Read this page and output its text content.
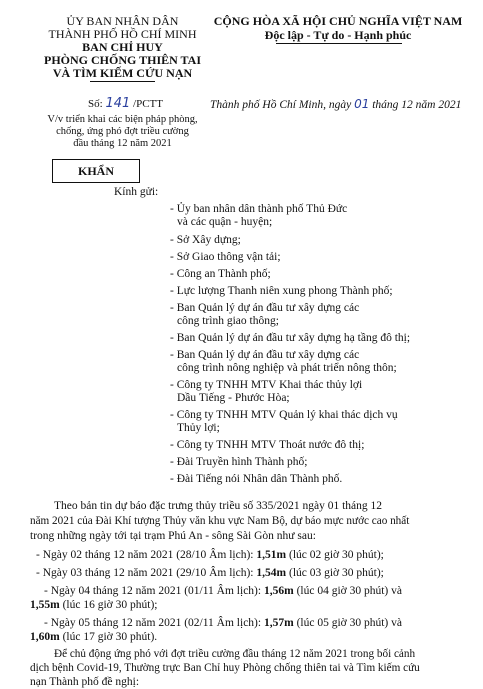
ỦY BAN NHÂN DÂN
THÀNH PHỐ HỒ CHÍ MINH
BAN CHỈ HUY
PHÒNG CHỐNG THIÊN TAI
VÀ TÌM KIẾM CỨU NẠN
Số: 141 /PCTT
V/v triển khai các biện pháp phòng,
chống, ứng phó đợt triều cường
đầu tháng 12 năm 2021
KHẨN
CỘNG HÒA XÃ HỘI CHỦ NGHĨA VIỆT NAM
Độc lập - Tự do - Hạnh phúc
Thành phố Hồ Chí Minh, ngày 01 tháng 12 năm 2021
Kính gửi:
- Ủy ban nhân dân thành phố Thủ Đức
và các quận - huyện;
- Sở Xây dựng;
- Sở Giao thông vận tải;
- Công an Thành phố;
- Lực lượng Thanh niên xung phong Thành phố;
- Ban Quản lý dự án đầu tư xây dựng các
công trình giao thông;
- Ban Quản lý dự án đầu tư xây dựng hạ tầng đô thị;
- Ban Quản lý dự án đầu tư xây dựng các
công trình nông nghiệp và phát triển nông thôn;
- Công ty TNHH MTV Khai thác thủy lợi
Dầu Tiếng - Phước Hòa;
- Công ty TNHH MTV Quản lý khai thác dịch vụ
Thủy lợi;
- Công ty TNHH MTV Thoát nước đô thị;
- Đài Truyền hình Thành phố;
- Đài Tiếng nói Nhân dân Thành phố.
Theo bản tin dự báo đặc trưng thủy triều số 335/2021 ngày 01 tháng 12
năm 2021 của Đài Khí tượng Thủy văn khu vực Nam Bộ, dự báo mực nước cao nhất
trong những ngày tới tại trạm Phú An - sông Sài Gòn như sau:
- Ngày 02 tháng 12 năm 2021 (28/10 Âm lịch): 1,51m (lúc 02 giờ 30 phút);
- Ngày 03 tháng 12 năm 2021 (29/10 Âm lịch): 1,54m (lúc 03 giờ 30 phút);
- Ngày 04 tháng 12 năm 2021 (01/11 Âm lịch): 1,56m (lúc 04 giờ 30 phút) và
1,55m (lúc 16 giờ 30 phút);
- Ngày 05 tháng 12 năm 2021 (02/11 Âm lịch): 1,57m (lúc 05 giờ 30 phút) và
1,60m (lúc 17 giờ 30 phút).
Để chủ động ứng phó với đợt triều cường đầu tháng 12 năm 2021 trong bối cảnh
dịch bệnh Covid-19, Thường trực Ban Chỉ huy Phòng chống thiên tai và Tìm kiếm cứu
nạn Thành phố đề nghị:
